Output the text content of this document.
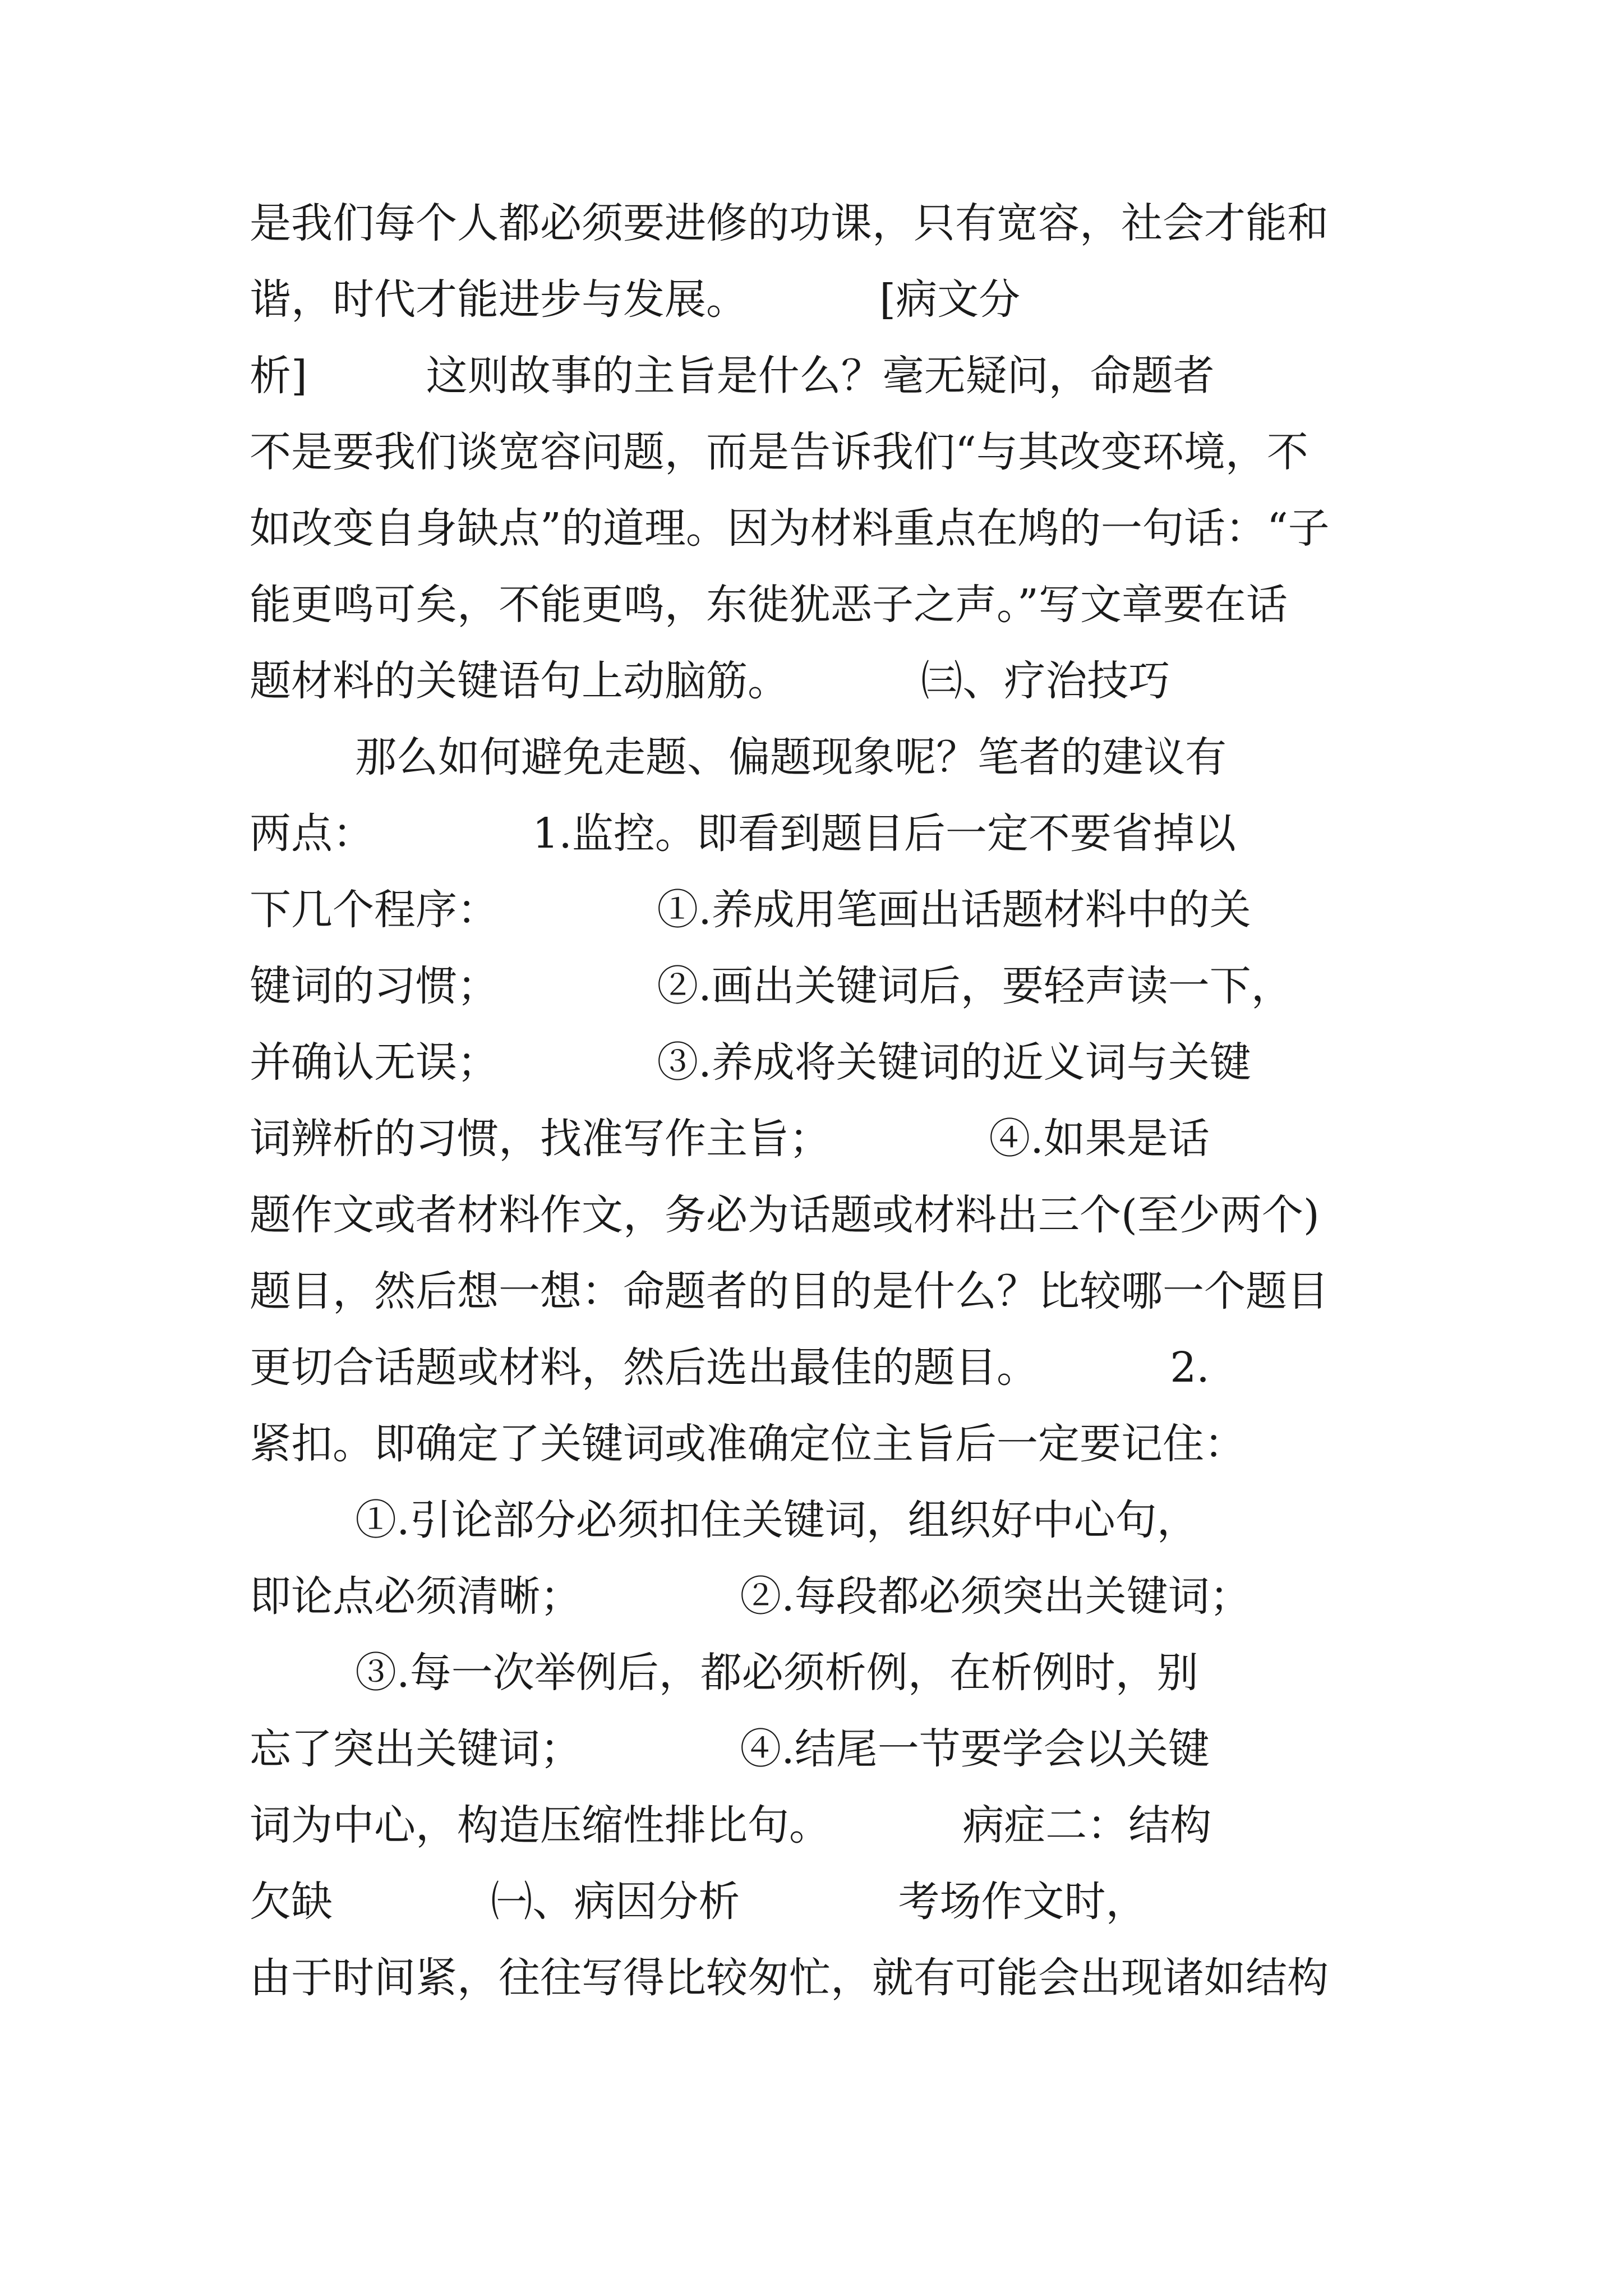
是我们每个人都必须要进修的功课，只有宽容，社会才能和
谐，时代才能进步与发展。          [病文分
析]         这则故事的主旨是什么？毫无疑问，命题者
不是要我们谈宽容问题，而是告诉我们“与其改变环境，不
如改变自身缺点”的道理。因为材料重点在鸠的一句话：“子
能更鸣可矣，不能更鸣，东徙犹恶子之声。”写文章要在话
题材料的关键语句上动脑筋。          ㈢、疗治技巧
那么如何避免走题、偏题现象呢？笔者的建议有
两点：            1.监控。即看到题目后一定不要省掉以
下几个程序：            ①.养成用笔画出话题材料中的关
键词的习惯；            ②.画出关键词后，要轻声读一下，
并确认无误；            ③.养成将关键词的近义词与关键
词辨析的习惯，找准写作主旨；            ④.如果是话
题作文或者材料作文，务必为话题或材料出三个(至少两个)
题目，然后想一想：命题者的目的是什么？比较哪一个题目
更切合话题或材料，然后选出最佳的题目。          2.
紧扣。即确定了关键词或准确定位主旨后一定要记住：
①.引论部分必须扣住关键词，组织好中心句，
即论点必须清晰；            ②.每段都必须突出关键词；
③.每一次举例后，都必须析例，在析例时，别
忘了突出关键词；            ④.结尾一节要学会以关键
词为中心，构造压缩性排比句。          病症二：结构
欠缺            ㈠、病因分析            考场作文时，
由于时间紧，往往写得比较匆忙，就有可能会出现诸如结构
